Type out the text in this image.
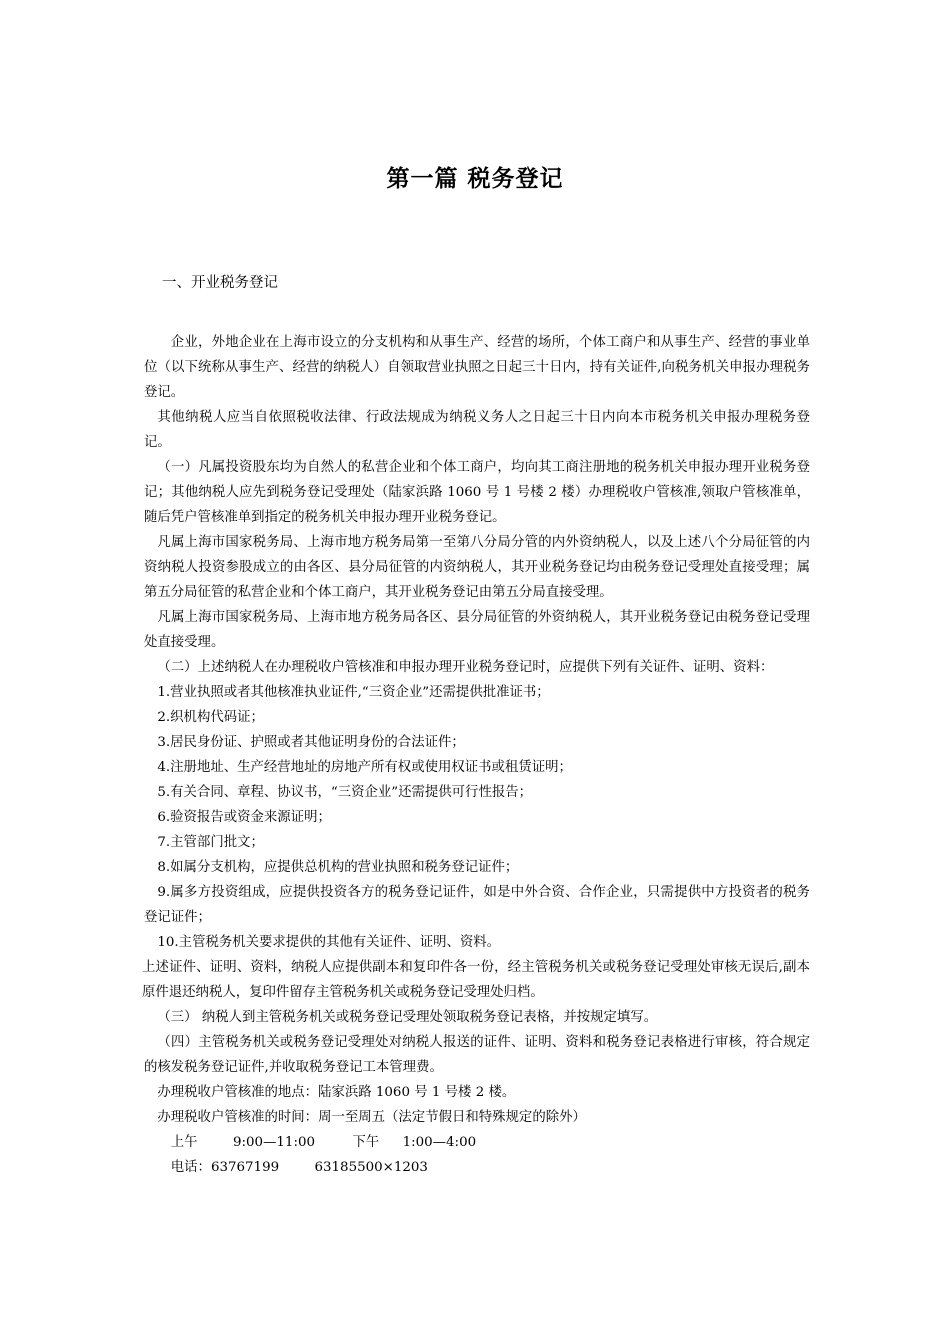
第一篇 税务登记
一、开业税务登记

企业，外地企业在上海市设立的分支机构和从事生产、经营的场所，个体工商户和从事生产、经营的事业单位（以下统称从事生产、经营的纳税人）自领取营业执照之日起三十日内，持有关证件,向税务机关申报办理税务登记。

其他纳税人应当自依照税收法律、行政法规成为纳税义务人之日起三十日内向本市税务机关申报办理税务登记。

（一）凡属投资股东均为自然人的私营企业和个体工商户，均向其工商注册地的税务机关申报办理开业税务登记；其他纳税人应先到税务登记受理处（陆家浜路 1060 号 1 号楼 2 楼）办理税收户管核准,领取户管核准单，随后凭户管核准单到指定的税务机关申报办理开业税务登记。

凡属上海市国家税务局、上海市地方税务局第一至第八分局分管的内外资纳税人，以及上述八个分局征管的内资纳税人投资参股成立的由各区、县分局征管的内资纳税人，其开业税务登记均由税务登记受理处直接受理；属第五分局征管的私营企业和个体工商户，其开业税务登记由第五分局直接受理。

凡属上海市国家税务局、上海市地方税务局各区、县分局征管的外资纳税人，其开业税务登记由税务登记受理处直接受理。

（二）上述纳税人在办理税收户管核准和申报办理开业税务登记时，应提供下列有关证件、证明、资料：

1.营业执照或者其他核准执业证件,“三资企业”还需提供批准证书；

2.织机构代码证；

3.居民身份证、护照或者其他证明身份的合法证件；

4.注册地址、生产经营地址的房地产所有权或使用权证书或租赁证明；

5.有关合同、章程、协议书，“三资企业”还需提供可行性报告；

6.验资报告或资金来源证明；

7.主管部门批文；

8.如属分支机构，应提供总机构的营业执照和税务登记证件；

9.属多方投资组成，应提供投资各方的税务登记证件，如是中外合资、合作企业，只需提供中方投资者的税务登记证件；

10.主管税务机关要求提供的其他有关证件、证明、资料。

上述证件、证明、资料，纳税人应提供副本和复印件各一份，经主管税务机关或税务登记受理处审核无误后,副本原件退还纳税人，复印件留存主管税务机关或税务登记受理处归档。

（三） 纳税人到主管税务机关或税务登记受理处领取税务登记表格，并按规定填写。

（四）主管税务机关或税务登记受理处对纳税人报送的证件、证明、资料和税务登记表格进行审核，符合规定的核发税务登记证件,并收取税务登记工本管理费。

办理税收户管核准的地点：陆家浜路 1060 号 1 号楼 2 楼。

办理税收户管核准的时间：周一至周五（法定节假日和特殊规定的除外）

上午	9:00—11:00	下午 1:00—4:00

电话：63767199	63185500×1203
